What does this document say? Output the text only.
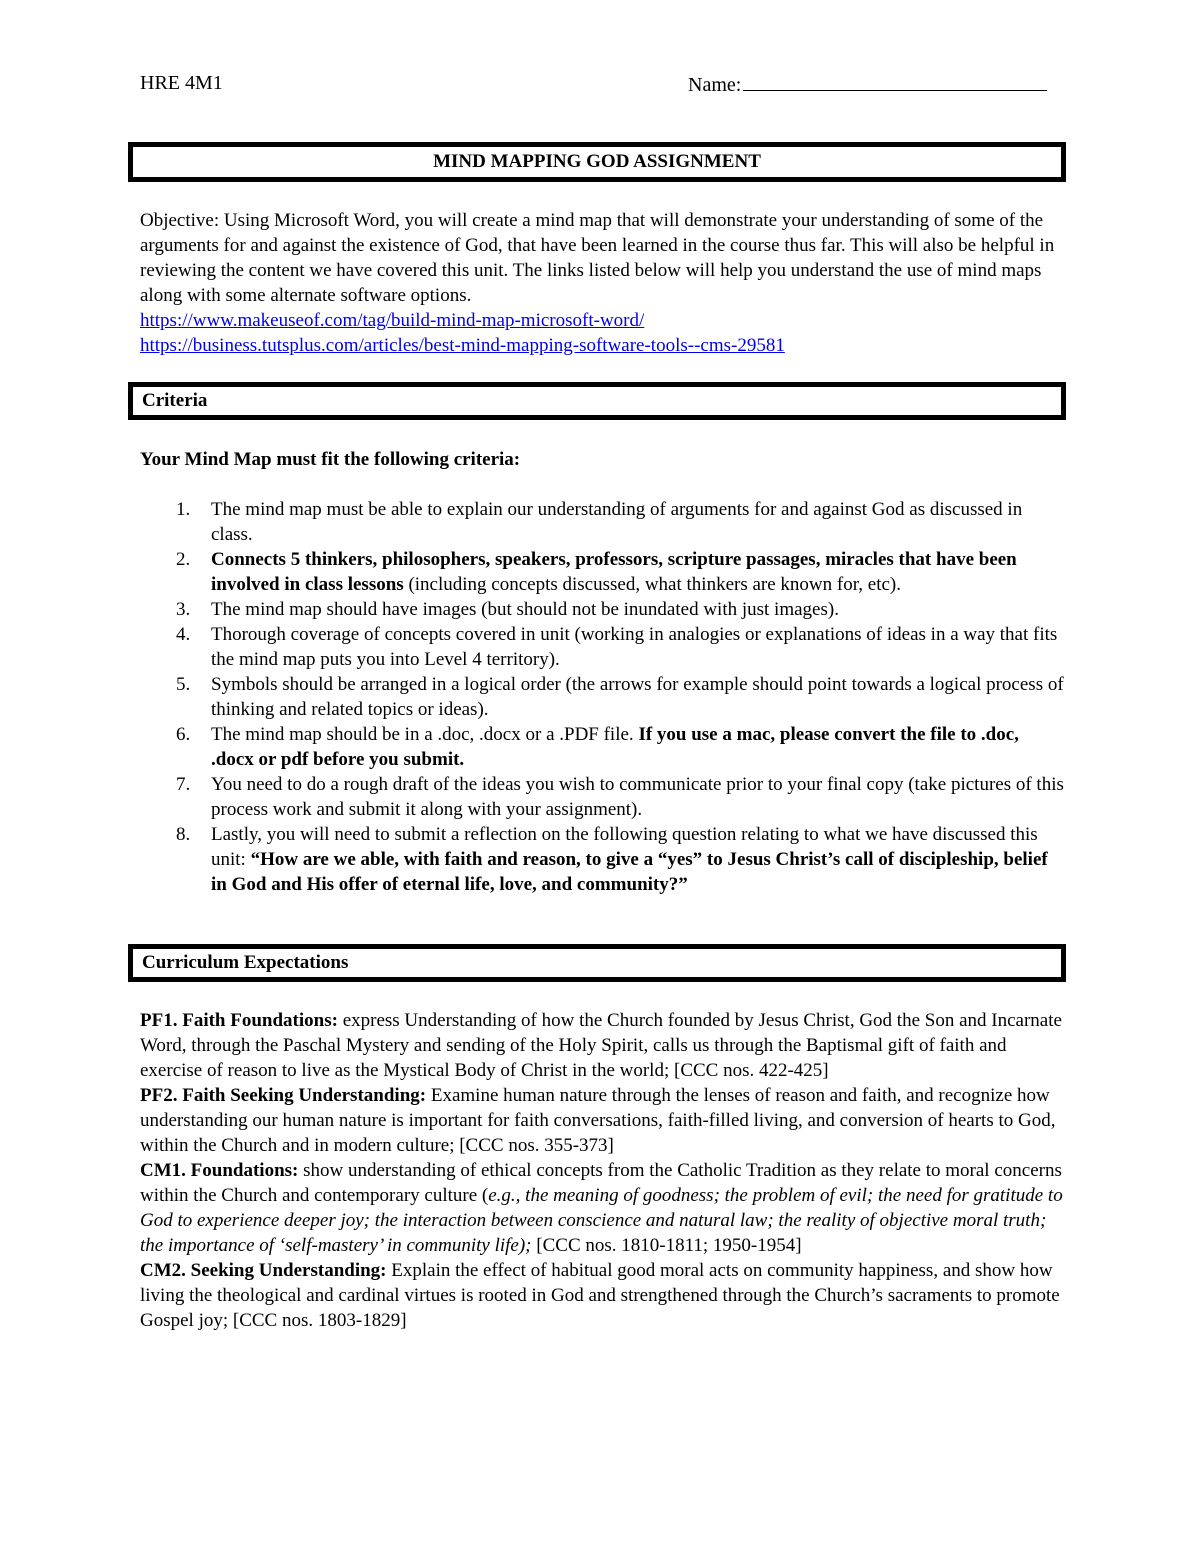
HRE 4M1	Name:
MIND MAPPING GOD ASSIGNMENT

Objective: Using Microsoft Word, you will create a mind map that will demonstrate your understanding of some of the arguments for and against the existence of God, that have been learned in the course thus far. This will also be helpful in reviewing the content we have covered this unit. The links listed below will help you understand the use of mind maps along with some alternate software options.

https://www.makeuseof.com/tag/build-mind-map-microsoft-word/
https://business.tutsplus.com/articles/best-mind-mapping-software-tools--cms-29581
Criteria
Your Mind Map must fit the following criteria:
1. The mind map must be able to explain our understanding of arguments for and against God as discussed in class.
2. Connects 5 thinkers, philosophers, speakers, professors, scripture passages, miracles that have been involved in class lessons (including concepts discussed, what thinkers are known for, etc).
3. The mind map should have images (but should not be inundated with just images).
4. Thorough coverage of concepts covered in unit (working in analogies or explanations of ideas in a way that fits the mind map puts you into Level 4 territory).
5. Symbols should be arranged in a logical order (the arrows for example should point towards a logical process of thinking and related topics or ideas).
6. The mind map should be in a .doc, .docx or a .PDF file. If you use a mac, please convert the file to .doc, .docx or pdf before you submit.
7. You need to do a rough draft of the ideas you wish to communicate prior to your final copy (take pictures of this process work and submit it along with your assignment).
8. Lastly, you will need to submit a reflection on the following question relating to what we have discussed this unit: “How are we able, with faith and reason, to give a “yes” to Jesus Christ’s call of discipleship, belief in God and His offer of eternal life, love, and community?”
Curriculum Expectations

PF1. Faith Foundations: express Understanding of how the Church founded by Jesus Christ, God the Son and Incarnate Word, through the Paschal Mystery and sending of the Holy Spirit, calls us through the Baptismal gift of faith and exercise of reason to live as the Mystical Body of Christ in the world; [CCC nos. 422-425]

PF2. Faith Seeking Understanding: Examine human nature through the lenses of reason and faith, and recognize how understanding our human nature is important for faith conversations, faith-filled living, and conversion of hearts to God, within the Church and in modern culture; [CCC nos. 355-373]

CM1. Foundations: show understanding of ethical concepts from the Catholic Tradition as they relate to moral concerns within the Church and contemporary culture (e.g., the meaning of goodness; the problem of evil; the need for gratitude to God to experience deeper joy; the interaction between conscience and natural law; the reality of objective moral truth; the importance of ‘self-mastery’ in community life); [CCC nos. 1810-1811; 1950-1954]

CM2. Seeking Understanding: Explain the effect of habitual good moral acts on community happiness, and show how living the theological and cardinal virtues is rooted in God and strengthened through the Church’s sacraments to promote Gospel joy; [CCC nos. 1803-1829]
